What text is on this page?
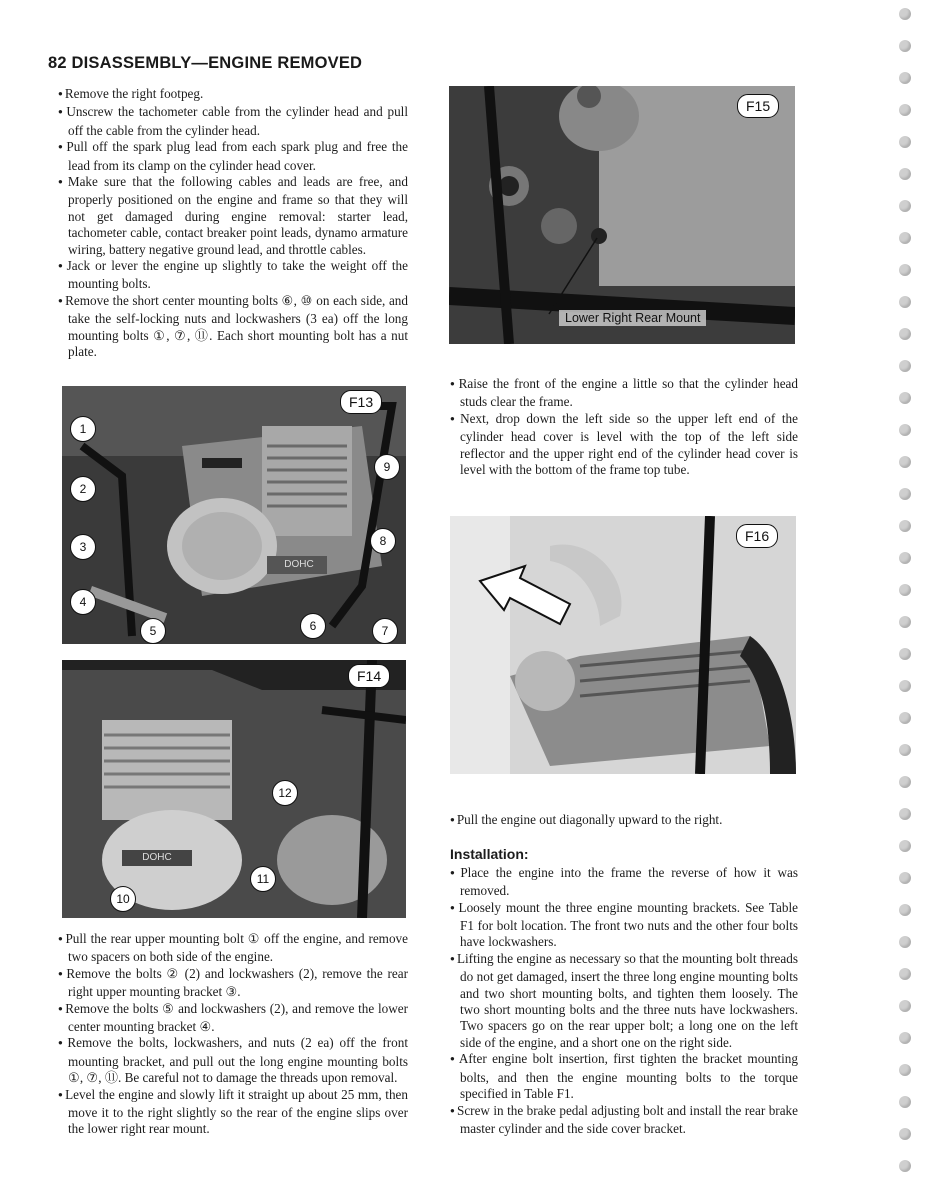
82 DISASSEMBLY—ENGINE REMOVED

● Remove the right footpeg.

● Unscrew the tachometer cable from the cylinder head and pull off the cable from the cylinder head.

● Pull off the spark plug lead from each spark plug and free the lead from its clamp on the cylinder head cover.

● Make sure that the following cables and leads are free, and properly positioned on the engine and frame so that they will not get damaged during engine removal: starter lead, tachometer cable, contact breaker point leads, dynamo armature wiring, battery negative ground lead, and throttle cables.

● Jack or lever the engine up slightly to take the weight off the mounting bolts.

● Remove the short center mounting bolts ⑥, ⑩ on each side, and take the self-locking nuts and lockwashers (3 ea) off the long mounting bolts ①, ⑦, ⑪. Each short mounting bolt has a nut plate.

DOHC
F13
1
2
3
4
5	6	7
8
9
DOHC
F14
10
11
12

● Pull the rear upper mounting bolt ① off the engine, and remove two spacers on both side of the engine.

● Remove the bolts ② (2) and lockwashers (2), remove the rear right upper mounting bracket ③.

● Remove the bolts ⑤ and lockwashers (2), and remove the lower center mounting bracket ④.

● Remove the bolts, lockwashers, and nuts (2 ea) off the front mounting bracket, and pull out the long engine mounting bolts ①, ⑦, ⑪. Be careful not to damage the threads upon removal.

● Level the engine and slowly lift it straight up about 25 mm, then move it to the right slightly so the rear of the engine slips over the lower right rear mount.

F15
Lower Right Rear Mount

● Raise the front of the engine a little so that the cylinder head studs clear the frame.

● Next, drop down the left side so the upper left end of the cylinder head cover is level with the top of the left side reflector and the upper right end of the cylinder head cover is level with the bottom of the frame top tube.

F16

● Pull the engine out diagonally upward to the right.

Installation:

● Place the engine into the frame the reverse of how it was removed.

● Loosely mount the three engine mounting brackets. See Table F1 for bolt location. The front two nuts and the other four bolts have lockwashers.

● Lifting the engine as necessary so that the mounting bolt threads do not get damaged, insert the three long engine mounting bolts and two short mounting bolts, and tighten them loosely. The two short mounting bolts and the three nuts have lockwashers. Two spacers go on the rear upper bolt; a long one on the left side of the engine, and a short one on the right side.

● After engine bolt insertion, first tighten the bracket mounting bolts, and then the engine mounting bolts to the torque specified in Table F1.

● Screw in the brake pedal adjusting bolt and install the rear brake master cylinder and the side cover bracket.
